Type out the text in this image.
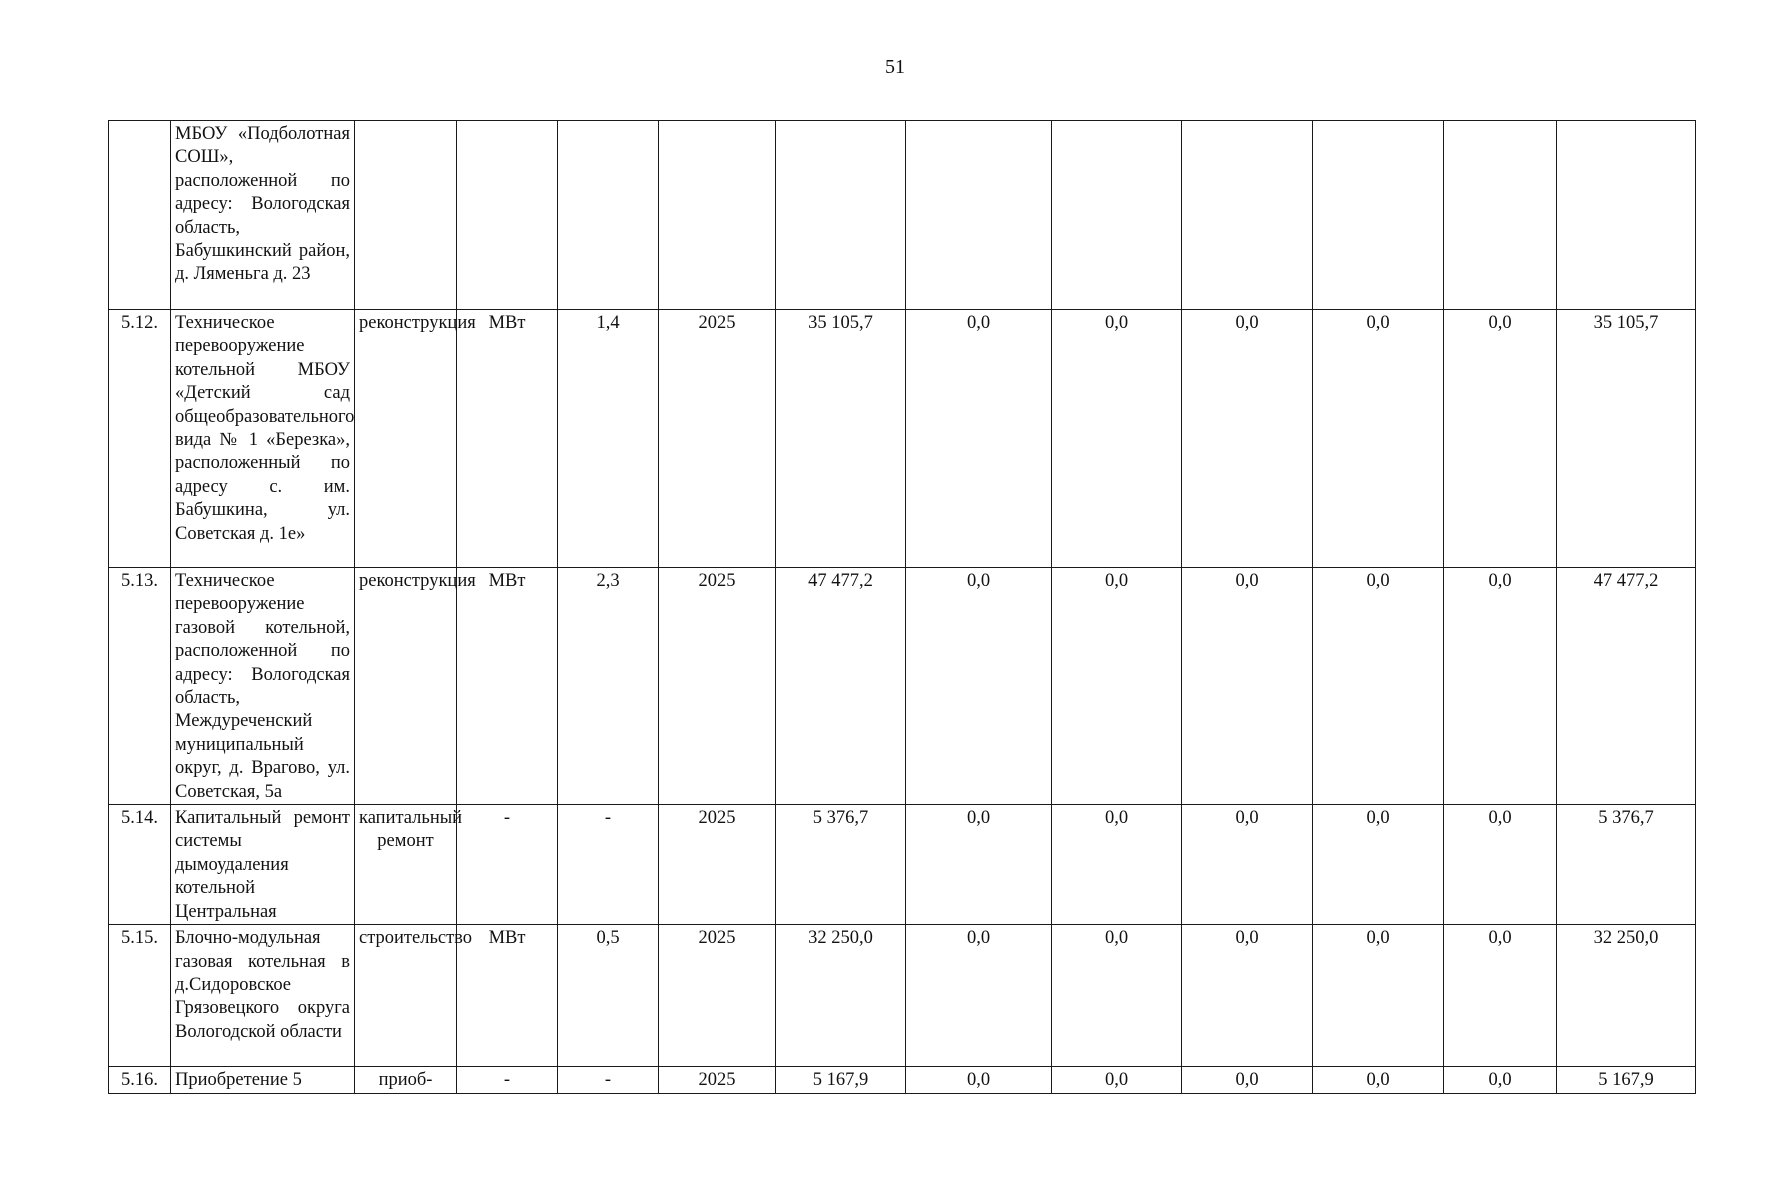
51
	МБОУ «Подболотная СОШ», расположенной по адресу: Вологодская область, Бабушкинский район, д. Ляменьга д. 23											
5.12.	Техническое перевооружение котельной МБОУ «Детский сад общеобразовательного вида № 1 «Березка», расположенный по адресу с. им. Бабушкина, ул. Советская д. 1е»	реконструкция	МВт	1,4	2025	35 105,7	0,0	0,0	0,0	0,0	0,0	35 105,7
5.13.	Техническое перевооружение газовой котельной, расположенной по адресу: Вологодская область, Междуреченский муниципальный округ, д. Врагово, ул. Советская, 5а	реконструкция	МВт	2,3	2025	47 477,2	0,0	0,0	0,0	0,0	0,0	47 477,2
5.14.	Капитальный ремонт системы дымоудаления котельной Центральная	капитальный ремонт	-	-	2025	5 376,7	0,0	0,0	0,0	0,0	0,0	5 376,7
5.15.	Блочно-модульная газовая котельная в д.Сидоровское Грязовецкого округа Вологодской области	строительство	МВт	0,5	2025	32 250,0	0,0	0,0	0,0	0,0	0,0	32 250,0
5.16.	Приобретение 5	приоб-	-	-	2025	5 167,9	0,0	0,0	0,0	0,0	0,0	5 167,9
